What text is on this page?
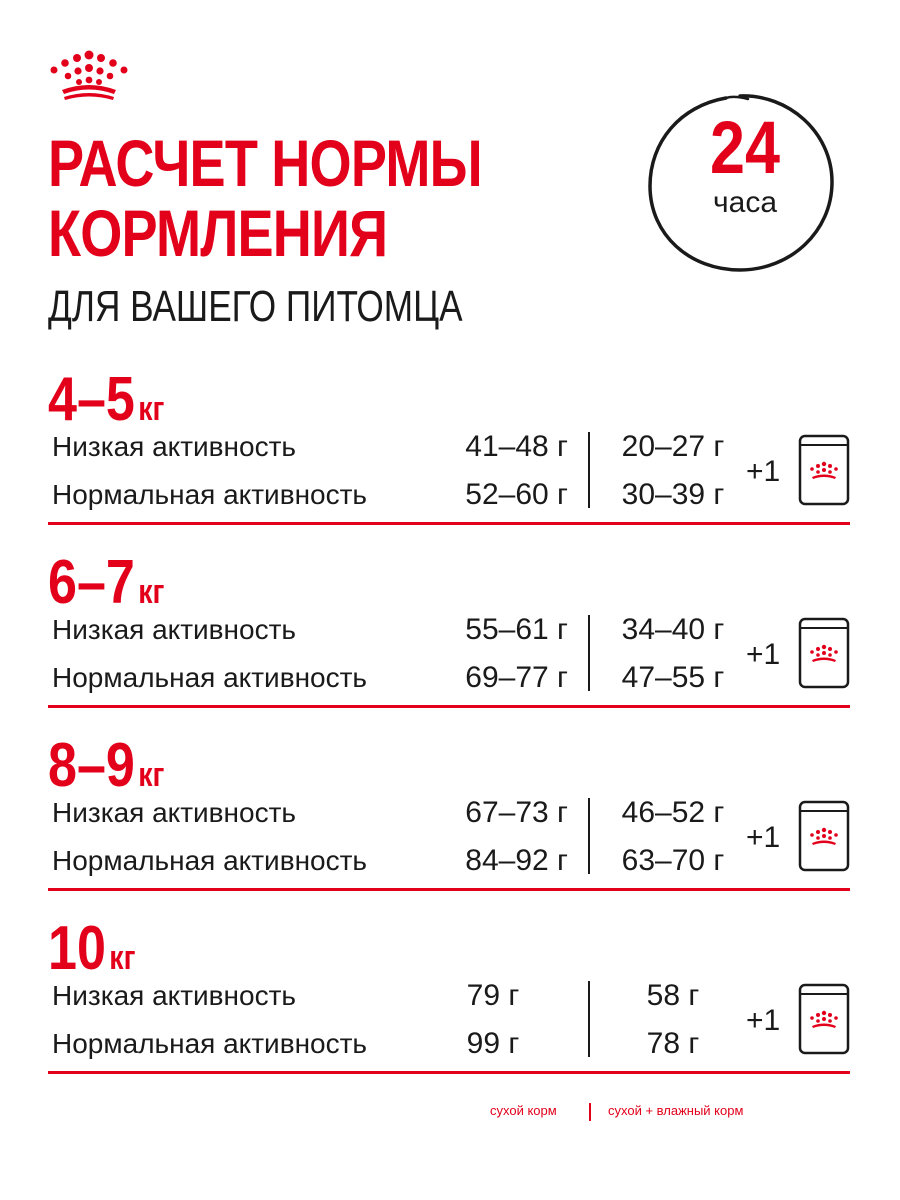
РАСЧЕТ НОРМЫ
КОРМЛЕНИЯ
ДЛЯ ВАШЕГО ПИТОМЦА
24
часа
4–5кг
Низкая активность	41–48 г	20–27 г
Нормальная активность	52–60 г	30–39 г
+1
6–7кг
Низкая активность	55–61 г	34–40 г
Нормальная активность	69–77 г	47–55 г
+1
8–9кг
Низкая активность	67–73 г	46–52 г
Нормальная активность	84–92 г	63–70 г
+1
10кг
Низкая активность	79 г	58 г
Нормальная активность	99 г	78 г
+1
сухой корм	сухой + влажный корм
